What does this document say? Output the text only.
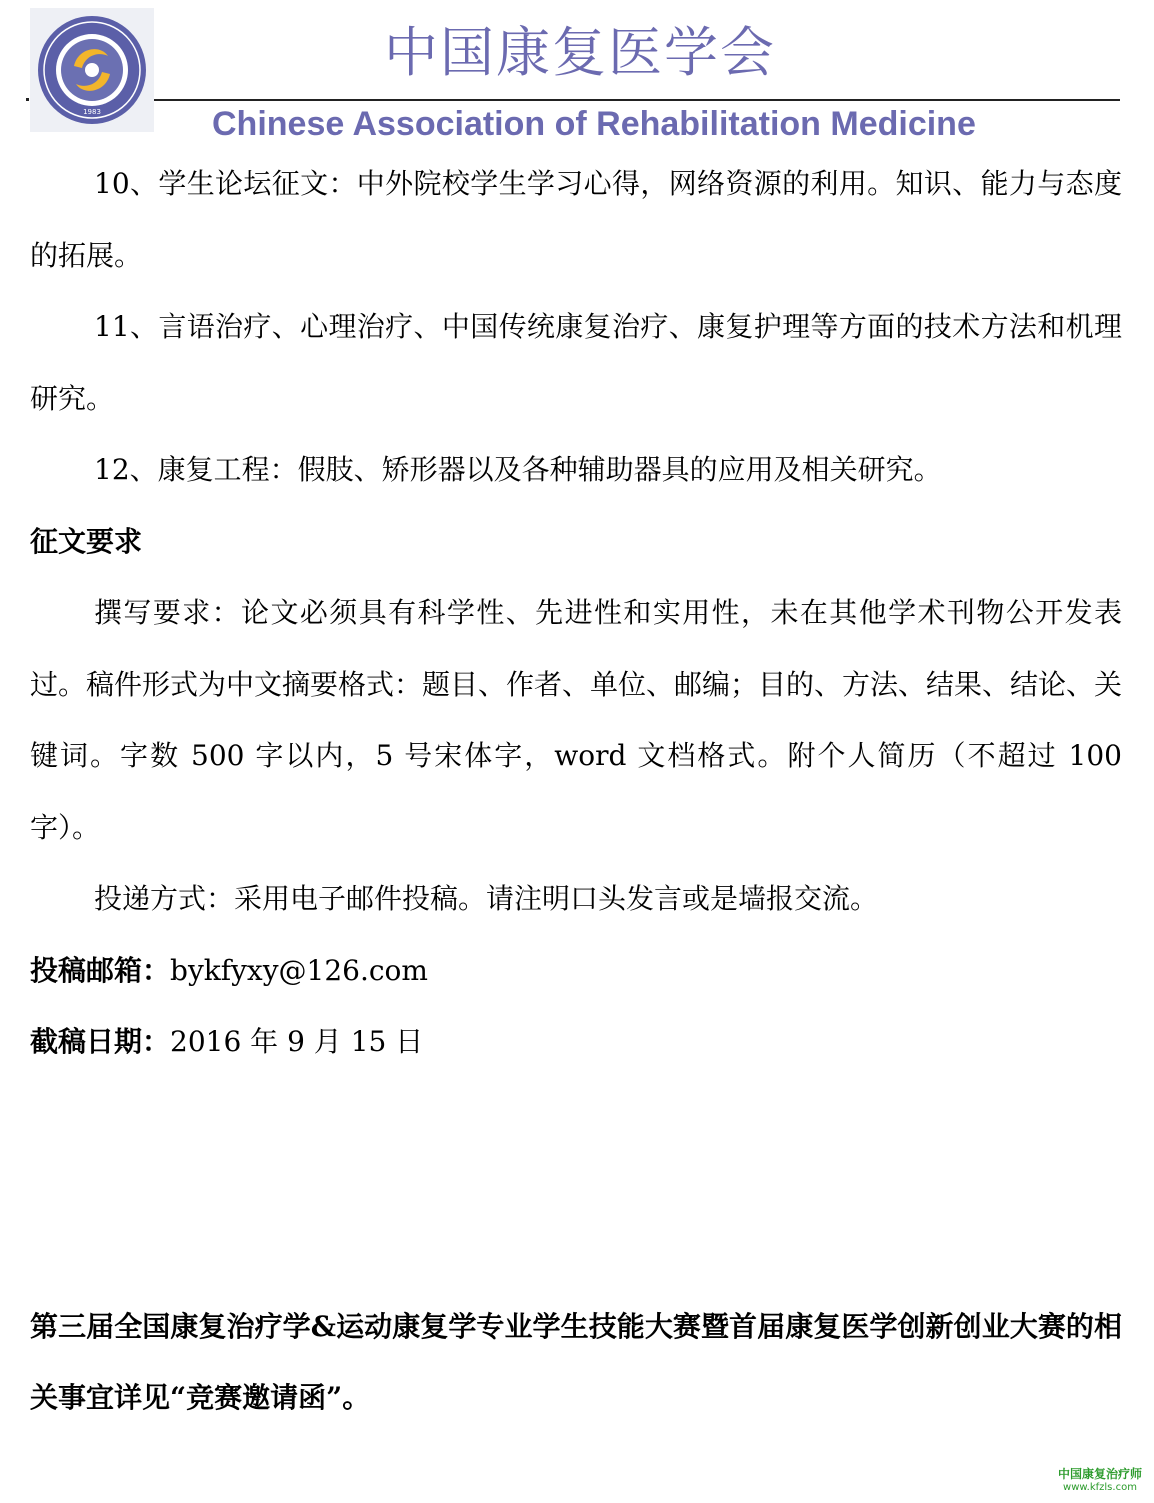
1983
中国康复医学会
Chinese Association of Rehabilitation Medicine

10、学生论坛征文：中外院校学生学习心得，网络资源的利用。知识、能力与态度的拓展。

11、言语治疗、心理治疗、中国传统康复治疗、康复护理等方面的技术方法和机理研究。

12、康复工程：假肢、矫形器以及各种辅助器具的应用及相关研究。

征文要求

撰写要求：论文必须具有科学性、先进性和实用性，未在其他学术刊物公开发表过。稿件形式为中文摘要格式：题目、作者、单位、邮编；目的、方法、结果、结论、关键词。字数 500 字以内，5 号宋体字，word 文档格式。附个人简历（不超过 100 字）。

投递方式：采用电子邮件投稿。请注明口头发言或是墙报交流。

投稿邮箱：bykfyxy@126.com

截稿日期：2016 年 9 月 15 日

第三届全国康复治疗学&运动康复学专业学生技能大赛暨首届康复医学创新创业大赛的相关事宜详见“竞赛邀请函”。

中国康复治疗师
www.kfzls.com
